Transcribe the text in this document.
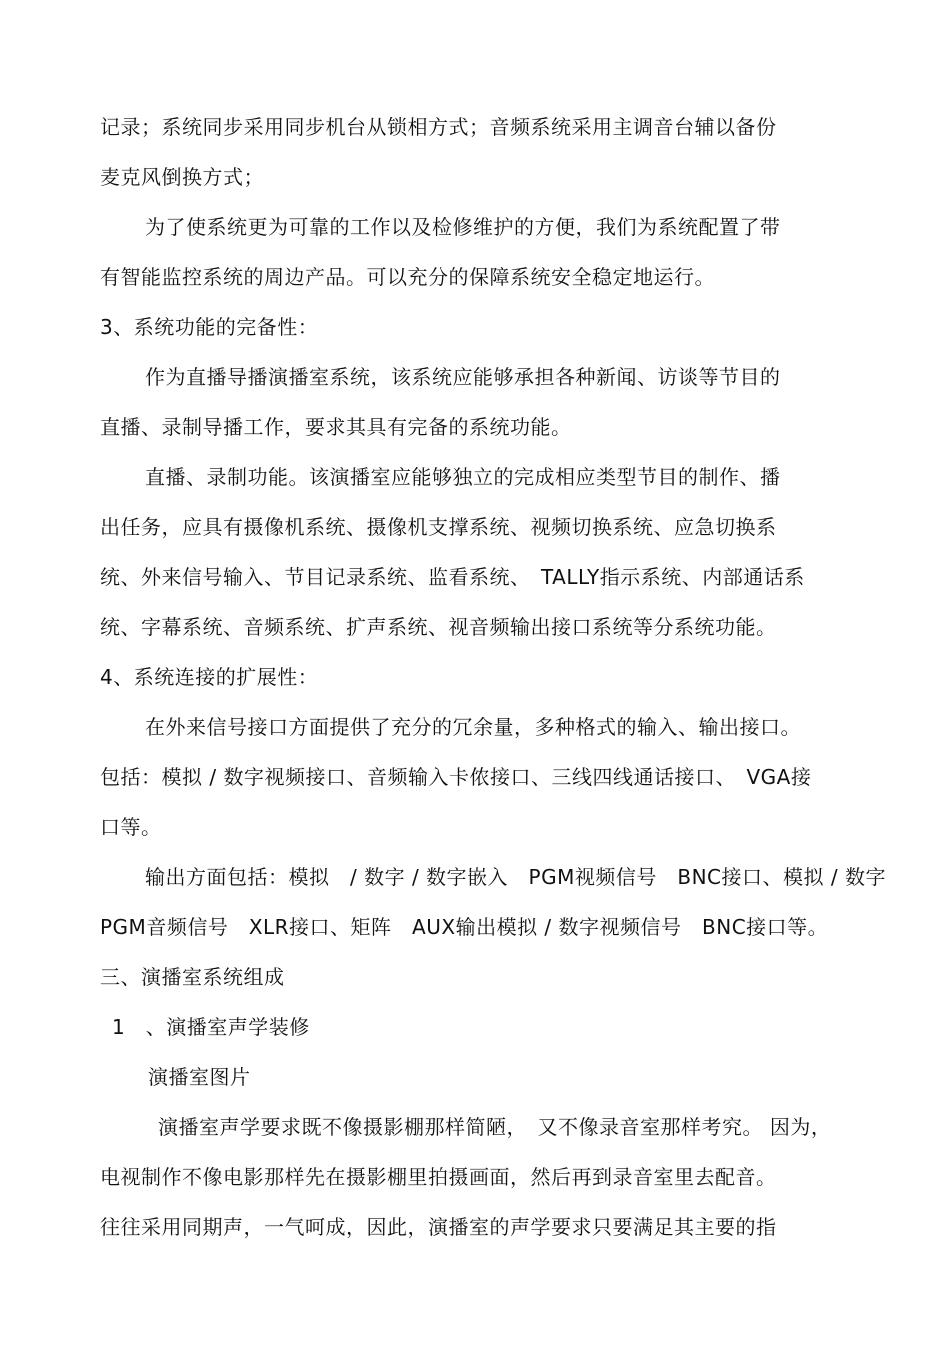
记录；系统同步采用同步机台从锁相方式；音频系统采用主调音台辅以备份
麦克风倒换方式；
为了使系统更为可靠的工作以及检修维护的方便，我们为系统配置了带
有智能监控系统的周边产品。可以充分的保障系统安全稳定地运行。
3、系统功能的完备性：
作为直播导播演播室系统，该系统应能够承担各种新闻、访谈等节目的
直播、录制导播工作，要求其具有完备的系统功能。
直播、录制功能。该演播室应能够独立的完成相应类型节目的制作、播
出任务，应具有摄像机系统、摄像机支撑系统、视频切换系统、应急切换系
统、外来信号输入、节目记录系统、监看系统、　TALLY指示系统、内部通话系
统、字幕系统、音频系统、扩声系统、视音频输出接口系统等分系统功能。
4、系统连接的扩展性：
在外来信号接口方面提供了充分的冗余量，多种格式的输入、输出接口。
包括：模拟 / 数字视频接口、音频输入卡侬接口、三线四线通话接口、　VGA接
口等。
输出方面包括：模拟　/ 数字 / 数字嵌入　PGM视频信号　BNC接口、模拟 / 数字
PGM音频信号　XLR接口、矩阵　AUX输出模拟 / 数字视频信号　BNC接口等。
三、演播室系统组成
1　、演播室声学装修
演播室图片
演播室声学要求既不像摄影棚那样简陋，　又不像录音室那样考究。 因为，
电视制作不像电影那样先在摄影棚里拍摄画面，然后再到录音室里去配音。
往往采用同期声，一气呵成，因此，演播室的声学要求只要满足其主要的指
